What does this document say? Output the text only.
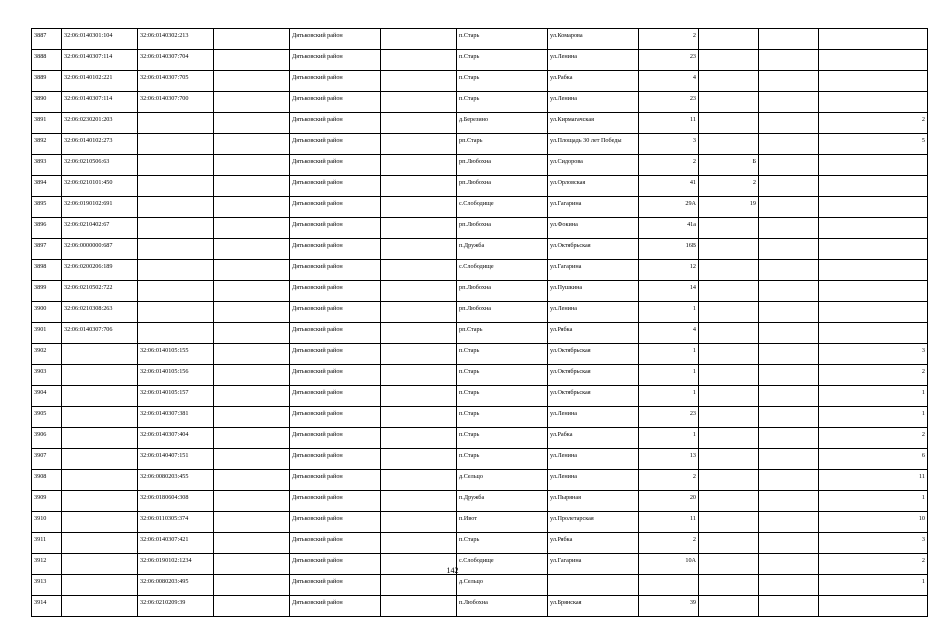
3887	32:06:0140301:104	32:06:0140302:213		Дятьковский район		п.Старь	ул.Комарова	2			
3888	32:06:0140307:114	32:06:0140307:704		Дятьковский район		п.Старь	ул.Ленина	23			
3889	32:06:0140102:221	32:06:0140307:705		Дятьковский район		п.Старь	ул.Рабка	4			
3890	32:06:0140307:114	32:06:0140307:700		Дятьковский район		п.Старь	ул.Ленина	23			
3891	32:06:0230201:203			Дятьковский район		д.Березино	ул.Кирмагачская	11			2
3892	32:06:0140102:273			Дятьковский район		рп.Старь	ул.Площадь 30 лет Победы	3			5
3893	32:06:0210506:63			Дятьковский район		рп.Любохна	ул.Сидорова	2	Б		
3894	32:06:0210101:450			Дятьковский район		рп.Любохна	ул.Орловская	41	2		
3895	32:06:0190102:691			Дятьковский район		с.Слободище	ул.Гагарина	29А	19		
3896	32:06:0210402:67			Дятьковский район		рп.Любохна	ул.Фокина	41а			
3897	32:06:0000000:687			Дятьковский район		п.Дружба	ул.Октябрьская	16В			
3898	32:06:0200206:189			Дятьковский район		с.Слободище	ул.Гагарина	12			
3899	32:06:0210502:722			Дятьковский район		рп.Любохна	ул.Пушкина	14			
3900	32:06:0210308:263			Дятьковский район		рп.Любохна	ул.Ленина	1			
3901	32:06:0140307:706			Дятьковский район		рп.Старь	ул.Рябка	4			
3902		32:06:0140105:155		Дятьковский район		п.Старь	ул.Октябрьская	1			3
3903		32:06:0140105:156		Дятьковский район		п.Старь	ул.Октябрьская	1			2
3904		32:06:0140105:157		Дятьковский район		п.Старь	ул.Октябрьская	1			1
3905		32:06:0140307:381		Дятьковский район		п.Старь	ул.Ленина	23			1
3906		32:06:0140307:404		Дятьковский район		п.Старь	ул.Рабка	1			2
3907		32:06:0140407:151		Дятьковский район		п.Старь	ул.Ленина	13			6
3908		32:06:0080203:455		Дятьковский район		д.Сельцо	ул.Ленина	2			11
3909		32:06:0180604:308		Дятьковский район		п.Дружба	ул.Пыряная	20			1
3910		32:06:0110305:374		Дятьковский район		п.Ивот	ул.Пролетарская	11			10
3911		32:06:0140307:421		Дятьковский район		п.Старь	ул.Рябка	2			3
3912		32:06:0190102:1234		Дятьковский район		с.Слободище	ул.Гагарина	10А			2
3913		32:06:0080203:495		Дятьковский район		д.Сельцо					1
3914		32:06:0210209:39		Дятьковский район		п.Любохна	ул.Брянская	39			
142
